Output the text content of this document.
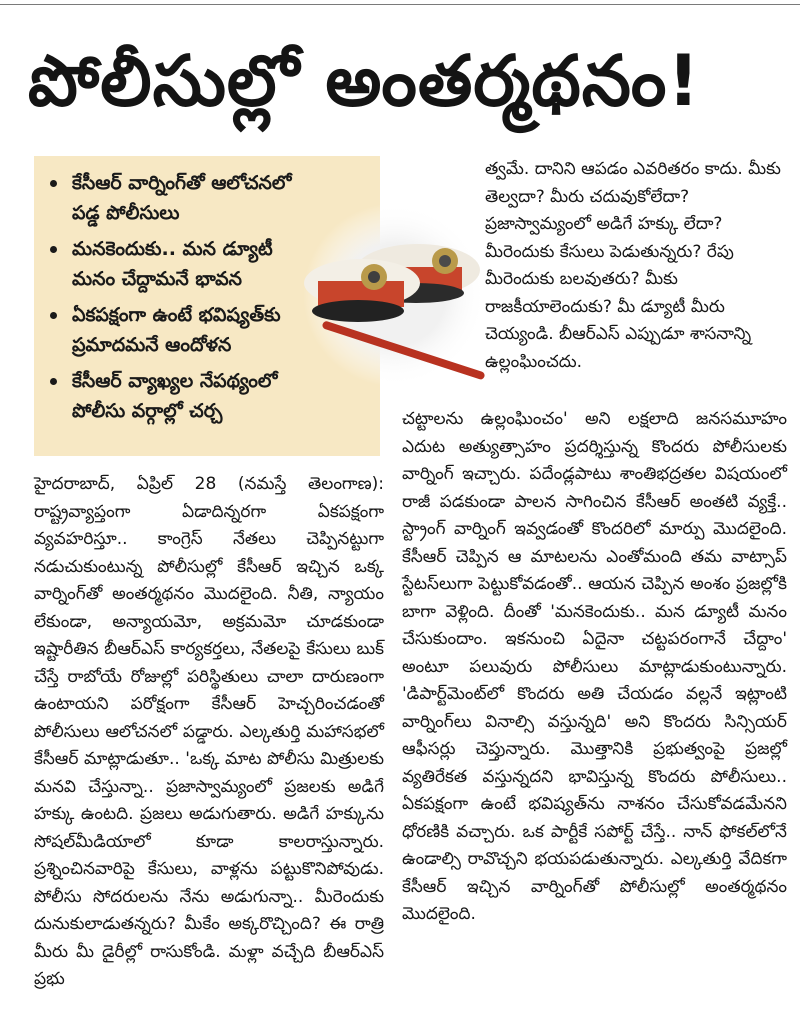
పోలీసుల్లో అంతర్మథనం!
కేసీఆర్ వార్నింగ్‌తో ఆలోచనలో పడ్డ పోలీసులు
మనకెందుకు.. మన డ్యూటీ మనం చేద్దామనే భావన
ఏకపక్షంగా ఉంటే భవిష్యత్‌కు ప్రమాదమనే ఆందోళన
కేసీఆర్ వ్యాఖ్యల నేపథ్యంలో పోలీసు వర్గాల్లో చర్చ

హైదరాబాద్, ఏప్రిల్ 28 (నమస్తే తెలంగాణ): రాష్ట్రవ్యాప్తంగా ఏడాదిన్నరగా ఏకపక్షంగా వ్యవహరిస్తూ.. కాంగ్రెస్ నేతలు చెప్పినట్టుగా నడుచుకుంటున్న పోలీసుల్లో కేసీఆర్ ఇచ్చిన ఒక్క వార్నింగ్‌తో అంతర్మథనం మొదలైంది. నీతి, న్యాయం లేకుండా, అన్యాయమో, అక్రమమో చూడకుండా ఇష్టారీతిన బీఆర్ఎస్ కార్యకర్తలు, నేతలపై కేసులు బుక్ చేస్తే రాబోయే రోజుల్లో పరిస్థితులు చాలా దారుణంగా ఉంటాయని పరోక్షంగా కేసీఆర్ హెచ్చరించడంతో పోలీసులు ఆలోచనలో పడ్డారు. ఎల్కతుర్తి మహాసభలో కేసీఆర్ మాట్లాడుతూ.. 'ఒక్క మాట పోలీసు మిత్రులకు మనవి చేస్తున్నా.. ప్రజాస్వామ్యంలో ప్రజలకు అడిగే హక్కు ఉంటది. ప్రజలు అడుగుతారు. అడిగే హక్కును సోషల్‌మీడియాలో కూడా కాలరాస్తున్నారు. ప్రశ్నించినవారిపై కేసులు, వాళ్లను పట్టుకొనిపోవుడు. పోలీసు సోదరులను నేను అడుగున్నా.. మీరెందుకు దునుకులాడుతన్నరు? మీకేం అక్కరొచ్చింది? ఈ రాత్రి మీరు మీ డైరీల్లో రాసుకోండి. మళ్లా వచ్చేది బీఆర్ఎస్ ప్రభు

త్వమే. దానిని ఆపడం ఎవరితరం కాదు. మీకు తెల్వదా? మీరు చదువుకోలేదా? ప్రజాస్వామ్యంలో అడిగే హక్కు లేదా? మీరెందుకు కేసులు పెడుతున్నరు? రేపు మీరెందుకు బలవుతరు? మీకు రాజకీయాలెందుకు? మీ డ్యూటీ మీరు చెయ్యండి. బీఆర్ఎస్ ఎప్పుడూ శాసనాన్ని ఉల్లంఘించదు.

చట్టాలను ఉల్లంఘించం' అని లక్షలాది జనసమూహం ఎదుట అత్యుత్సాహం ప్రదర్శిస్తున్న కొందరు పోలీసులకు వార్నింగ్ ఇచ్చారు. పదేండ్లపాటు శాంతిభద్రతల విషయంలో రాజీ పడకుండా పాలన సాగించిన కేసీఆర్ అంతటి వ్యక్తే.. స్ట్రాంగ్ వార్నింగ్ ఇవ్వడంతో కొందరిలో మార్పు మొదలైంది. కేసీఆర్ చెప్పిన ఆ మాటలను ఎంతోమంది తమ వాట్సాప్ స్టేటస్‌లుగా పెట్టుకోవడంతో.. ఆయన చెప్పిన అంశం ప్రజల్లోకి బాగా వెళ్లింది. దీంతో 'మనకెందుకు.. మన డ్యూటీ మనం చేసుకుందాం. ఇకనుంచి ఏదైనా చట్టపరంగానే చేద్దాం' అంటూ పలువురు పోలీసులు మాట్లాడుకుంటున్నారు. 'డిపార్ట్‌మెంట్‌లో కొందరు అతి చేయడం వల్లనే ఇట్లాంటి వార్నింగ్‌లు వినాల్సి వస్తున్నది' అని కొందరు సిన్సియర్ ఆఫీసర్లు చెప్తున్నారు. మొత్తానికి ప్రభుత్వంపై ప్రజల్లో వ్యతిరేకత వస్తున్నదని భావిస్తున్న కొందరు పోలీసులు.. ఏకపక్షంగా ఉంటే భవిష్యత్‌ను నాశనం చేసుకోవడమేనని ధోరణికి వచ్చారు. ఒక పార్టీకే సపోర్ట్ చేస్తే.. నాన్ ఫోకల్‌లోనే ఉండాల్సి రావొచ్చని భయపడుతున్నారు. ఎల్కతుర్తి వేదికగా కేసీఆర్ ఇచ్చిన వార్నింగ్‌తో పోలీసుల్లో అంతర్మథనం మొదలైంది.
